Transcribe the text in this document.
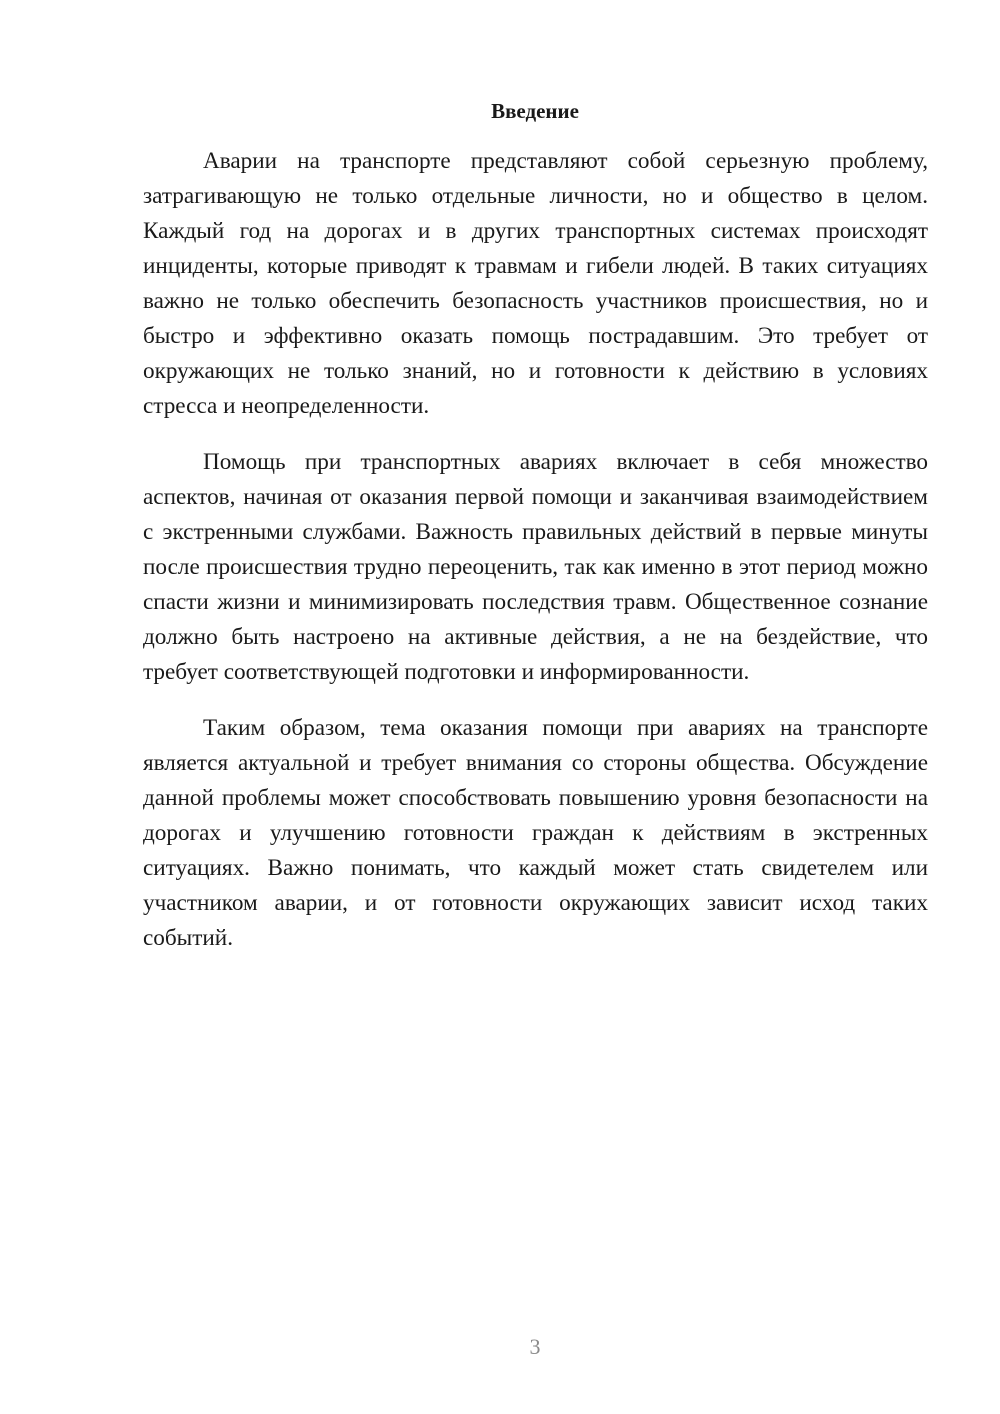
Введение

Аварии на транспорте представляют собой серьезную проблему, затрагивающую не только отдельные личности, но и общество в целом. Каждый год на дорогах и в других транспортных системах происходят инциденты, которые приводят к травмам и гибели людей. В таких ситуациях важно не только обеспечить безопасность участников происшествия, но и быстро и эффективно оказать помощь пострадавшим. Это требует от окружающих не только знаний, но и готовности к действию в условиях стресса и неопределенности.

Помощь при транспортных авариях включает в себя множество аспектов, начиная от оказания первой помощи и заканчивая взаимодействием с экстренными службами. Важность правильных действий в первые минуты после происшествия трудно переоценить, так как именно в этот период можно спасти жизни и минимизировать последствия травм. Общественное сознание должно быть настроено на активные действия, а не на бездействие, что требует соответствующей подготовки и информированности.

Таким образом, тема оказания помощи при авариях на транспорте является актуальной и требует внимания со стороны общества. Обсуждение данной проблемы может способствовать повышению уровня безопасности на дорогах и улучшению готовности граждан к действиям в экстренных ситуациях. Важно понимать, что каждый может стать свидетелем или участником аварии, и от готовности окружающих зависит исход таких событий.

3
